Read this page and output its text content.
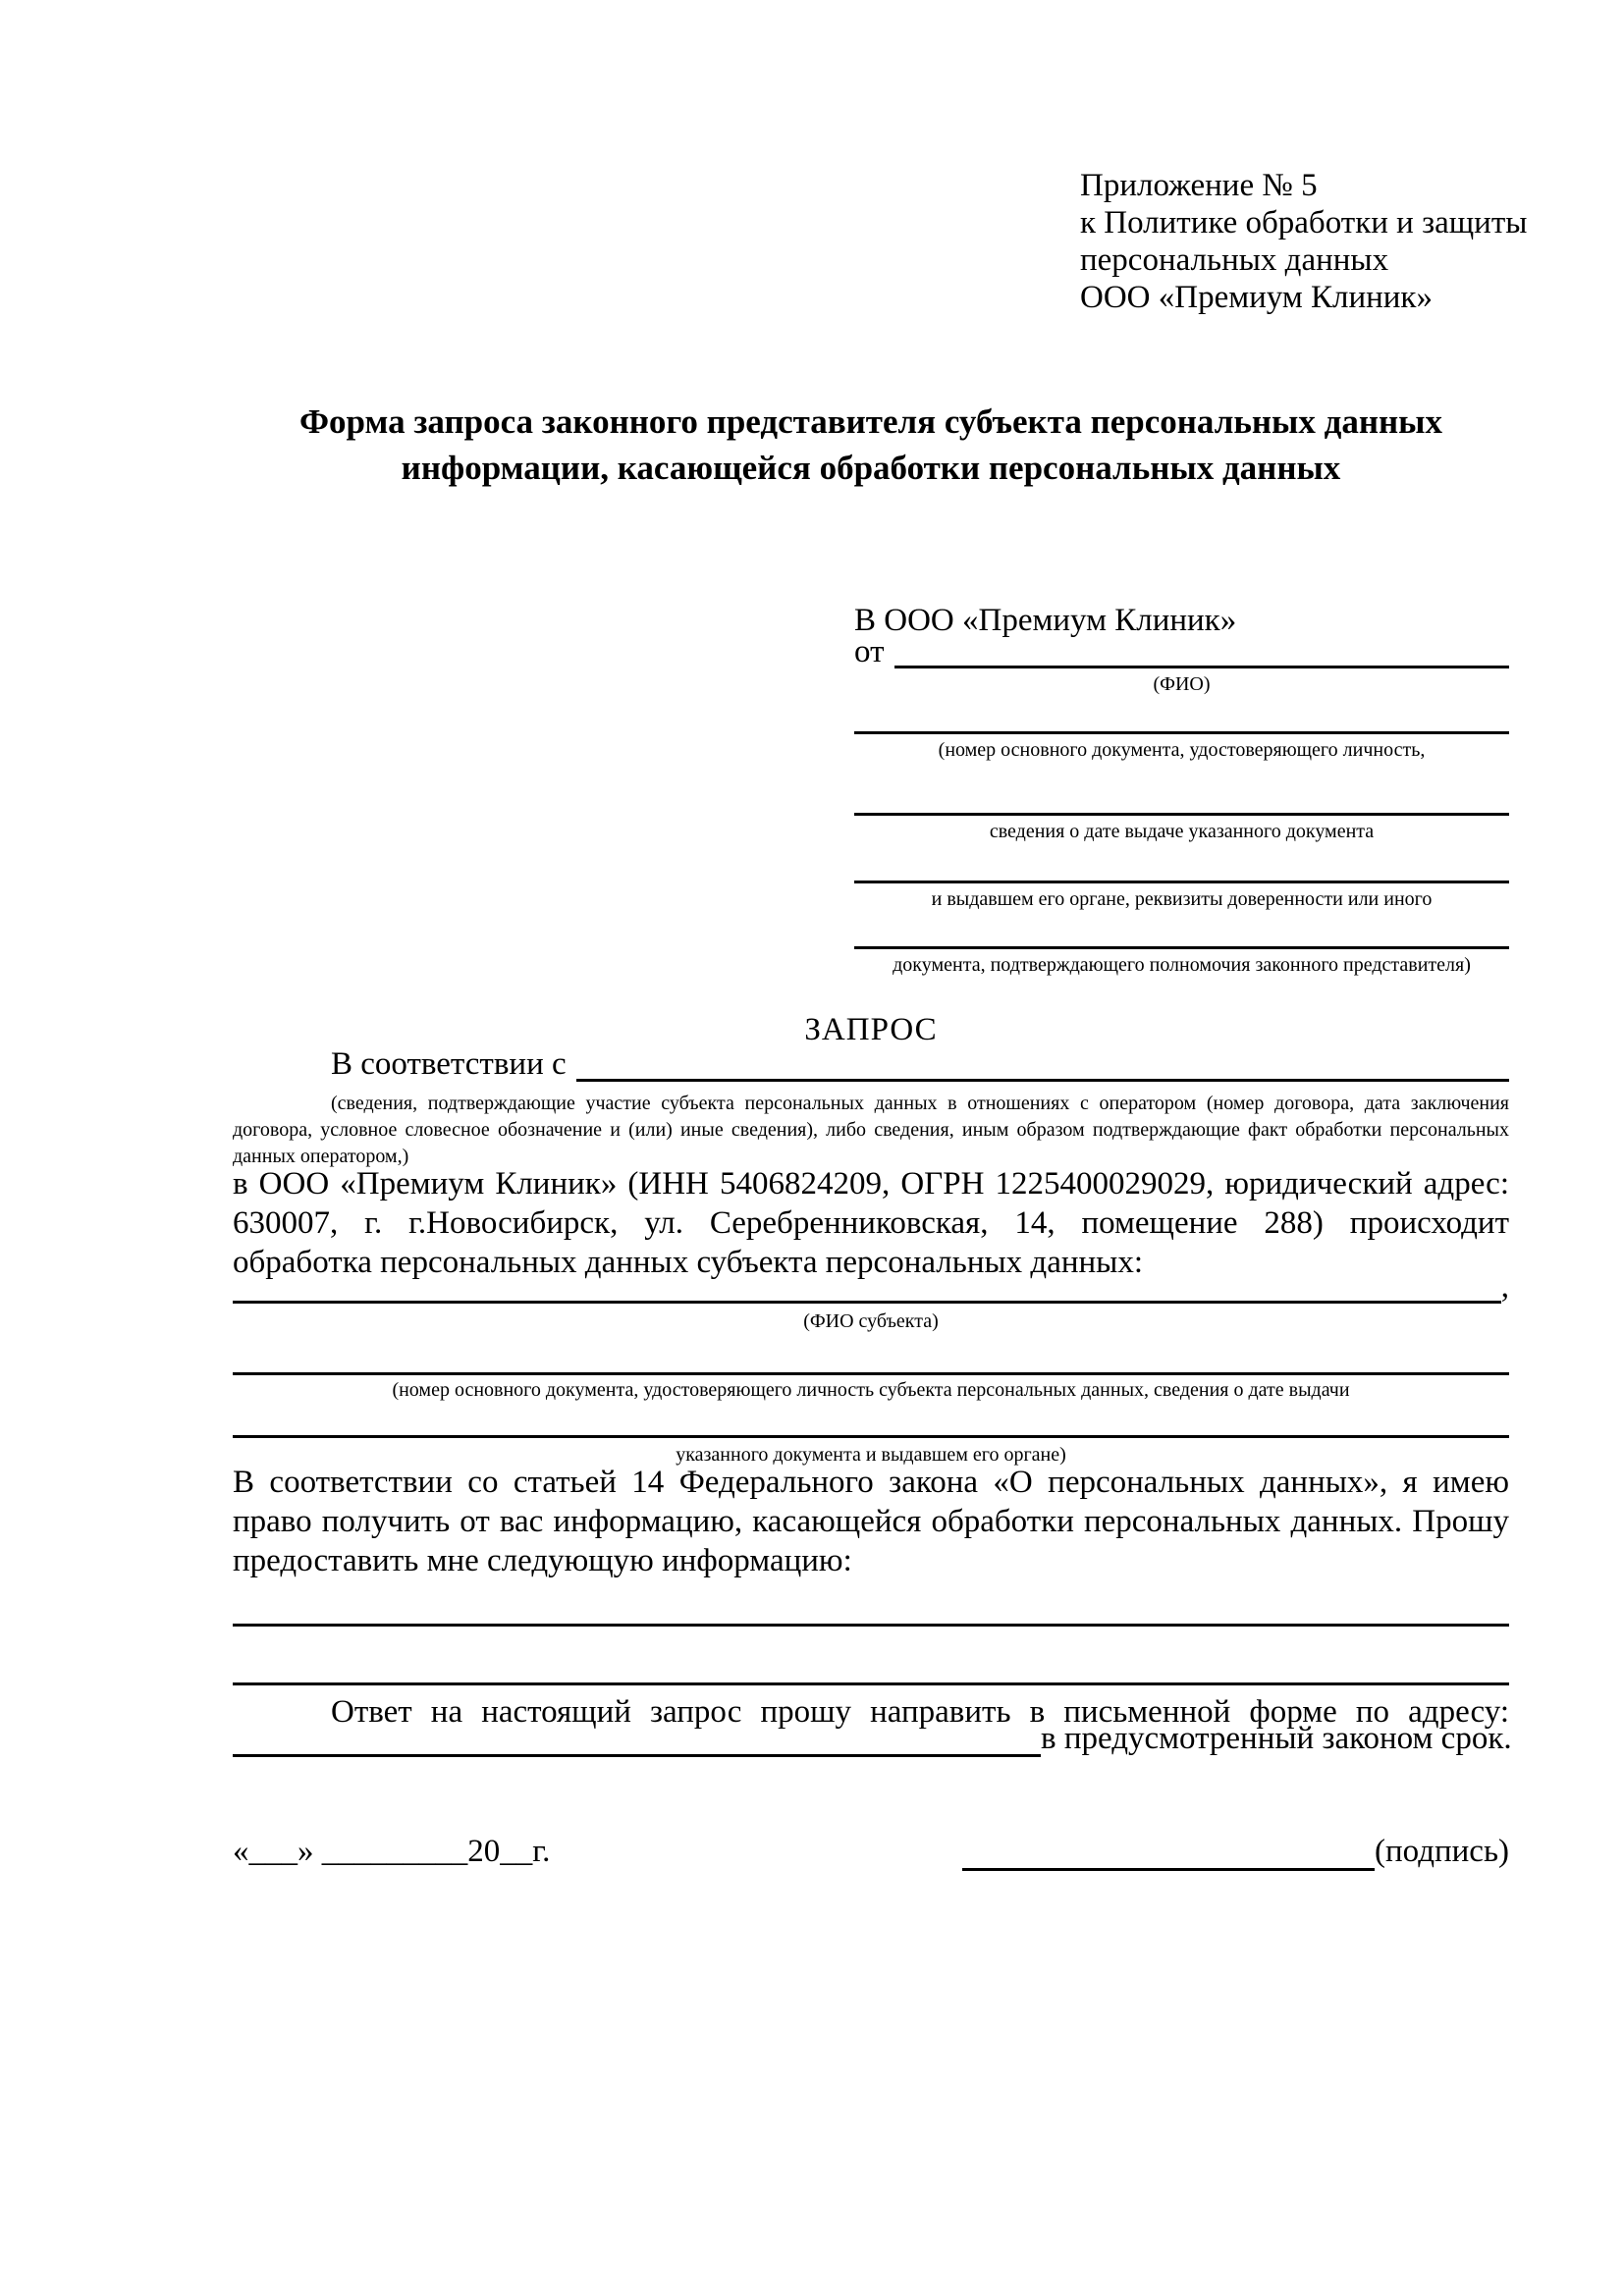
Приложение № 5
к Политике обработки и защиты
персональных данных
ООО «Премиум Клиник»
Форма запроса законного представителя субъекта персональных данных информации, касающейся обработки персональных данных
В ООО «Премиум Клиник»
от
(ФИО)
(номер основного документа, удостоверяющего личность,
сведения о дате выдаче указанного документа
и выдавшем его органе, реквизиты доверенности или иного
документа, подтверждающего полномочия законного представителя)
ЗАПРОС
В соответствии с
(сведения, подтверждающие участие субъекта персональных данных в отношениях с оператором (номер договора, дата заключения договора, условное словесное обозначение и (или) иные сведения), либо сведения, иным образом подтверждающие факт обработки персональных данных оператором,)
в ООО «Премиум Клиник» (ИНН 5406824209, ОГРН 1225400029029, юридический адрес: 630007, г. г.Новосибирск, ул. Серебренниковская, 14, помещение 288) происходит обработка персональных данных субъекта персональных данных:
,
(ФИО субъекта)
(номер основного документа, удостоверяющего личность субъекта персональных данных, сведения о дате выдачи
указанного документа и выдавшем его органе)
В соответствии со статьей 14 Федерального закона «О персональных данных», я имею право получить от вас информацию, касающейся обработки персональных данных. Прошу предоставить мне следующую информацию:
Ответ на настоящий запрос прошу направить в письменной форме по адресу:
в предусмотренный законом срок.
«___» _________20__г.	(подпись)
